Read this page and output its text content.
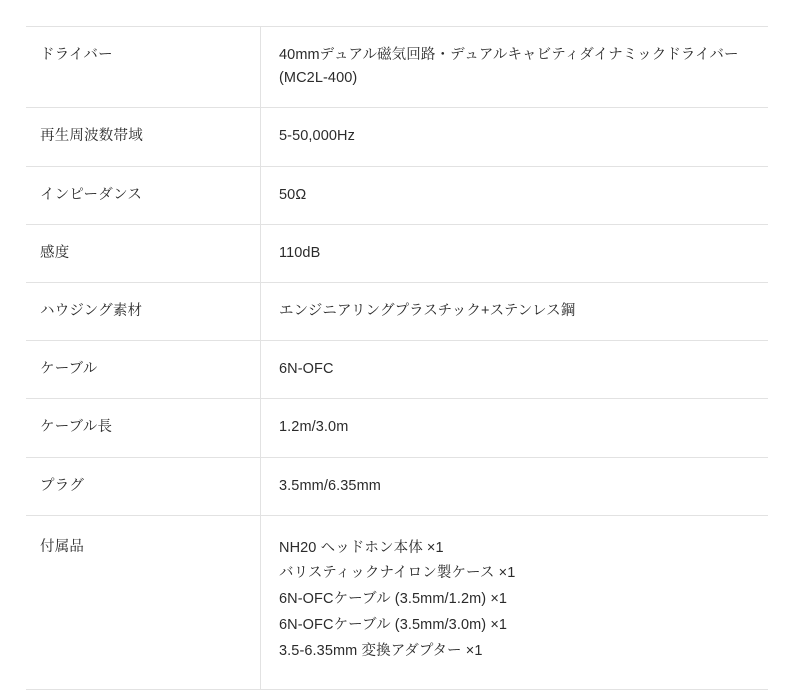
ドライバー	40mmデュアル磁気回路・デュアルキャビティダイナミックドライバー
(MC2L-400)

再生周波数帯域	5-50,000Hz

インピーダンス	50Ω

感度	110dB

ハウジング素材	エンジニアリングプラスチック+ステンレス鋼

ケーブル	6N-OFC

ケーブル長	1.2m/3.0m

プラグ	3.5mm/6.35mm

付属品	NH20 ヘッドホン本体 ×1
バリスティックナイロン製ケース ×1
6N-OFCケーブル (3.5mm/1.2m) ×1
6N-OFCケーブル (3.5mm/3.0m) ×1
3.5-6.35mm 変換アダプター ×1
